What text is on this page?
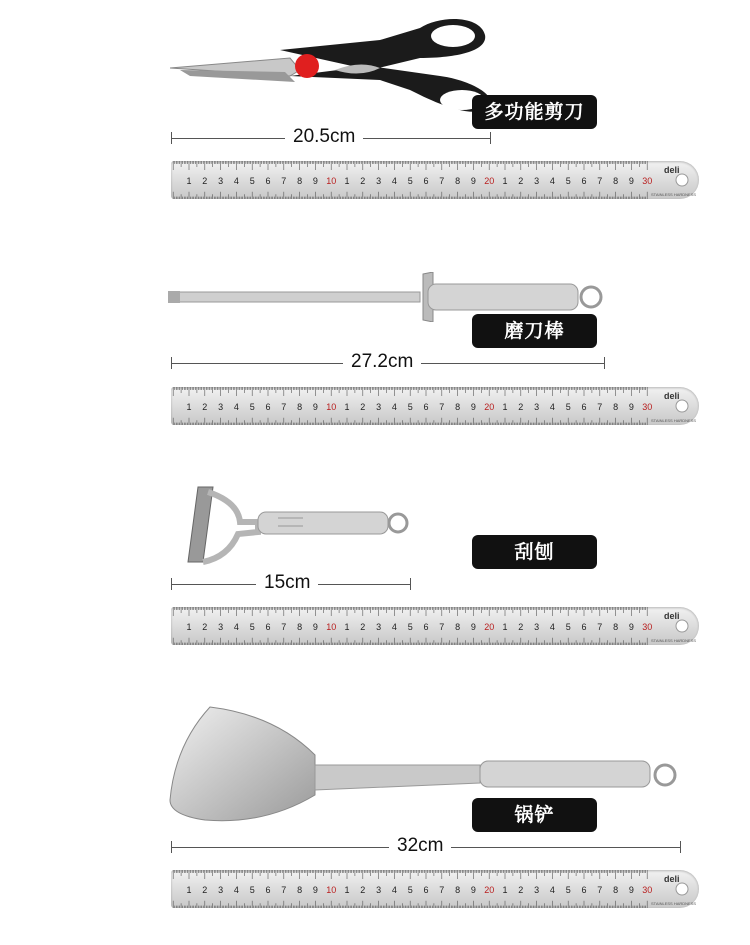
多功能剪刀
20.5cm
1 2 3 4 5 6 7 8 9 10 1 2 3 4 5 6 7 8 9 20 1 2 3 4 5 6 7 8 9 30
deli
STAINLESS HARDNESS
磨刀棒
27.2cm
1 2 3 4 5 6 7 8 9 10 1 2 3 4 5 6 7 8 9 20 1 2 3 4 5 6 7 8 9 30
deli
STAINLESS HARDNESS
刮刨
15cm
1 2 3 4 5 6 7 8 9 10 1 2 3 4 5 6 7 8 9 20 1 2 3 4 5 6 7 8 9 30
deli
STAINLESS HARDNESS
锅铲
32cm
1 2 3 4 5 6 7 8 9 10 1 2 3 4 5 6 7 8 9 20 1 2 3 4 5 6 7 8 9 30
deli
STAINLESS HARDNESS
